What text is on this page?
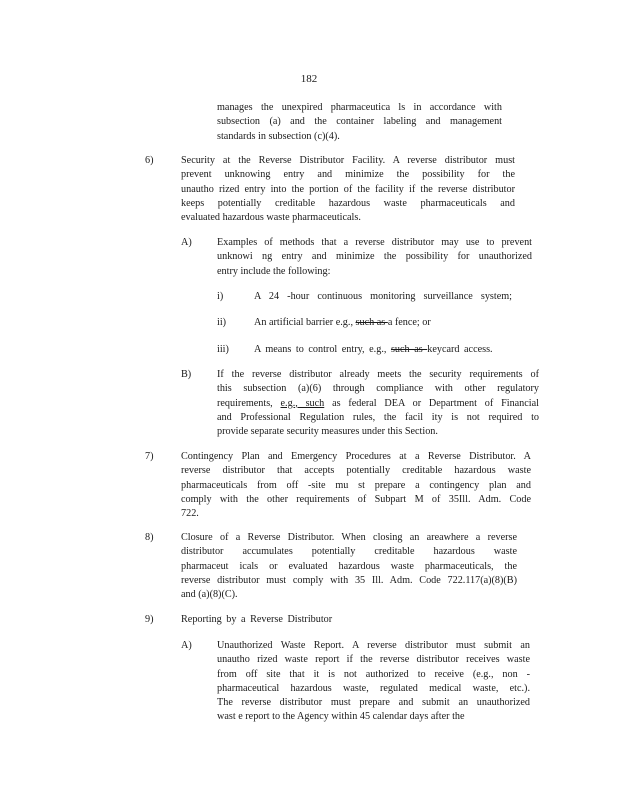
182
manages the unexpired pharmaceutica ls in accordance with
subsection (a) and the container labeling and management
standards in subsection (c)(4).
6)	Security at the Reverse Distributor Facility. A reverse distributor must
prevent unknowing entry and minimize the possibility for the
unautho rized entry into the portion of the facility if the reverse distributor
keeps potentially creditable hazardous waste pharmaceuticals and
evaluated hazardous waste pharmaceuticals.
A) Examples of methods that a reverse distributor may use to prevent
unknowi ng entry and minimize the possibility for unauthorized
entry include the following:
i)	A 24 -hour continuous monitoring surveillance system;
ii)	An artificial barrier e.g., such as a fence; or
iii) A means to control entry, e.g., such as keycard access.
B)	If the reverse distributor already meets the security requirements of
this subsection (a)(6) through compliance with other regulatory
requirements, e.g., such as federal DEA or Department of Financial
and Professional Regulation rules, the facil ity is not required to
provide separate security measures under this Section.
7)	Contingency Plan and Emergency Procedures at a Reverse Distributor. A
reverse distributor that accepts potentially creditable hazardous waste
pharmaceuticals from off -site mu st prepare a contingency plan and
comply with the other requirements of Subpart M of 35Ill. Adm. Code
722.
8)	Closure of a Reverse Distributor. When closing an areawhere a reverse
distributor accumulates potentially creditable hazardous waste
pharmaceut icals or evaluated hazardous waste pharmaceuticals, the
reverse distributor must comply with 35 Ill. Adm. Code 722.117(a)(8)(B)
and (a)(8)(C).
9)	Reporting by a Reverse Distributor
A) Unauthorized Waste Report. A reverse distributor must submit an
unautho rized waste report if the reverse distributor receives waste
from off site that it is not authorized to receive (e.g., non -
pharmaceutical hazardous waste, regulated medical waste, etc.).
The reverse distributor must prepare and submit an unauthorized
wast e report to the Agency within 45 calendar days after the
